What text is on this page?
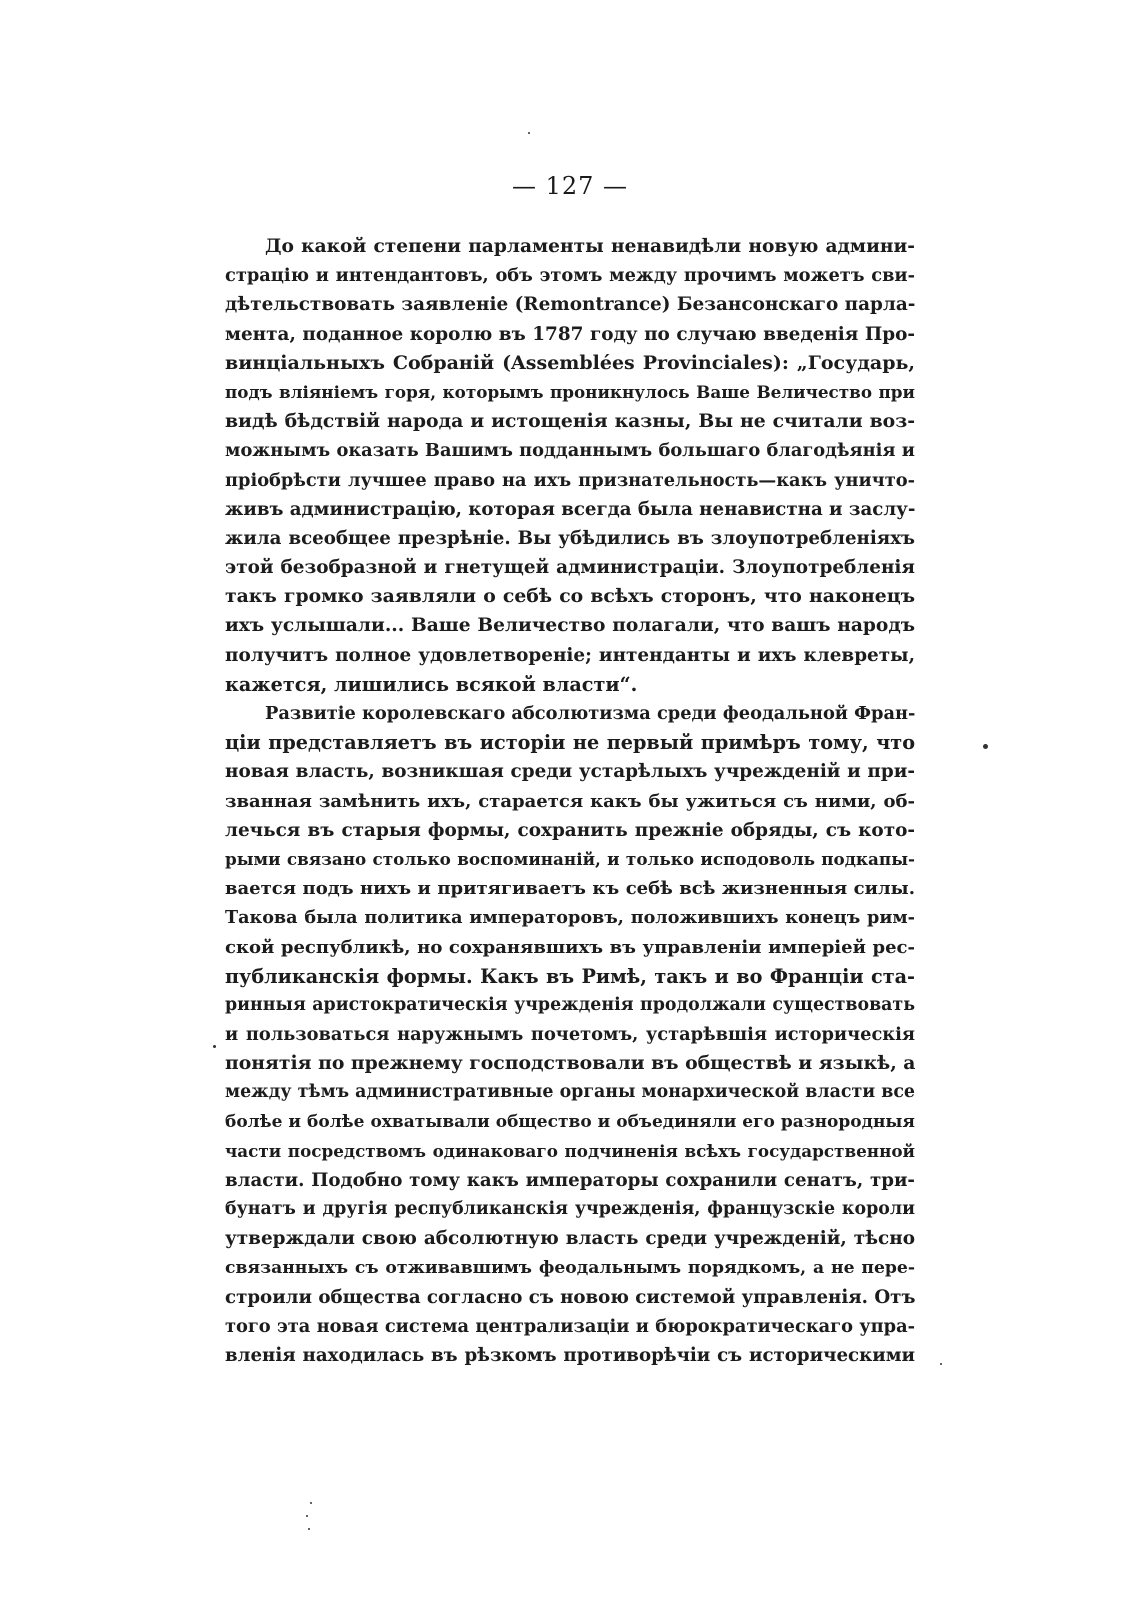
— 127 —
До какой степени парламенты ненавидѣли новую админи-
страцію и интендантовъ, объ этомъ между прочимъ можетъ сви-
дѣтельствовать заявленіе (Remontrance) Безансонскаго парла-
мента, поданное королю въ 1787 году по случаю введенія Про-
винціальныхъ Собраній (Assemblées Provinciales): „Государь,
подъ вліяніемъ горя, которымъ проникнулось Ваше Величество при
видѣ бѣдствій народа и истощенія казны, Вы не считали воз-
можнымъ оказать Вашимъ подданнымъ большаго благодѣянія и
пріобрѣсти лучшее право на ихъ признательность—какъ уничто-
живъ администрацію, которая всегда была ненавистна и заслу-
жила всеобщее презрѣніе. Вы убѣдились въ злоупотребленіяхъ
этой безобразной и гнетущей администраціи. Злоупотребленія
такъ громко заявляли о себѣ со всѣхъ сторонъ, что наконецъ
ихъ услышали... Ваше Величество полагали, что вашъ народъ
получитъ полное удовлетвореніе; интенданты и ихъ клевреты,
кажется, лишились всякой власти“.
Развитіе королевскаго абсолютизма среди феодальной Фран-
ціи представляетъ въ исторіи не первый примѣръ тому, что
новая власть, возникшая среди устарѣлыхъ учрежденій и при-
званная замѣнить ихъ, старается какъ бы ужиться съ ними, об-
лечься въ старыя формы, сохранить прежніе обряды, съ кото-
рыми связано столько воспоминаній, и только исподоволь подкапы-
вается подъ нихъ и притягиваетъ къ себѣ всѣ жизненныя силы.
Такова была политика императоровъ, положившихъ конецъ рим-
ской республикѣ, но сохранявшихъ въ управленіи имперіей рес-
публиканскія формы. Какъ въ Римѣ, такъ и во Франціи ста-
ринныя аристократическія учрежденія продолжали существовать
и пользоваться наружнымъ почетомъ, устарѣвшія историческія
понятія по прежнему господствовали въ обществѣ и языкѣ, а
между тѣмъ административные органы монархической власти все
болѣе и болѣе охватывали общество и объединяли его разнородныя
части посредствомъ одинаковаго подчиненія всѣхъ государственной
власти. Подобно тому какъ императоры сохранили сенатъ, три-
бунатъ и другія республиканскія учрежденія, французскіе короли
утверждали свою абсолютную власть среди учрежденій, тѣсно
связанныхъ съ отживавшимъ феодальнымъ порядкомъ, а не пере-
строили общества согласно съ новою системой управленія. Отъ
того эта новая система централизаціи и бюрократическаго упра-
вленія находилась въ рѣзкомъ противорѣчіи съ историческими
